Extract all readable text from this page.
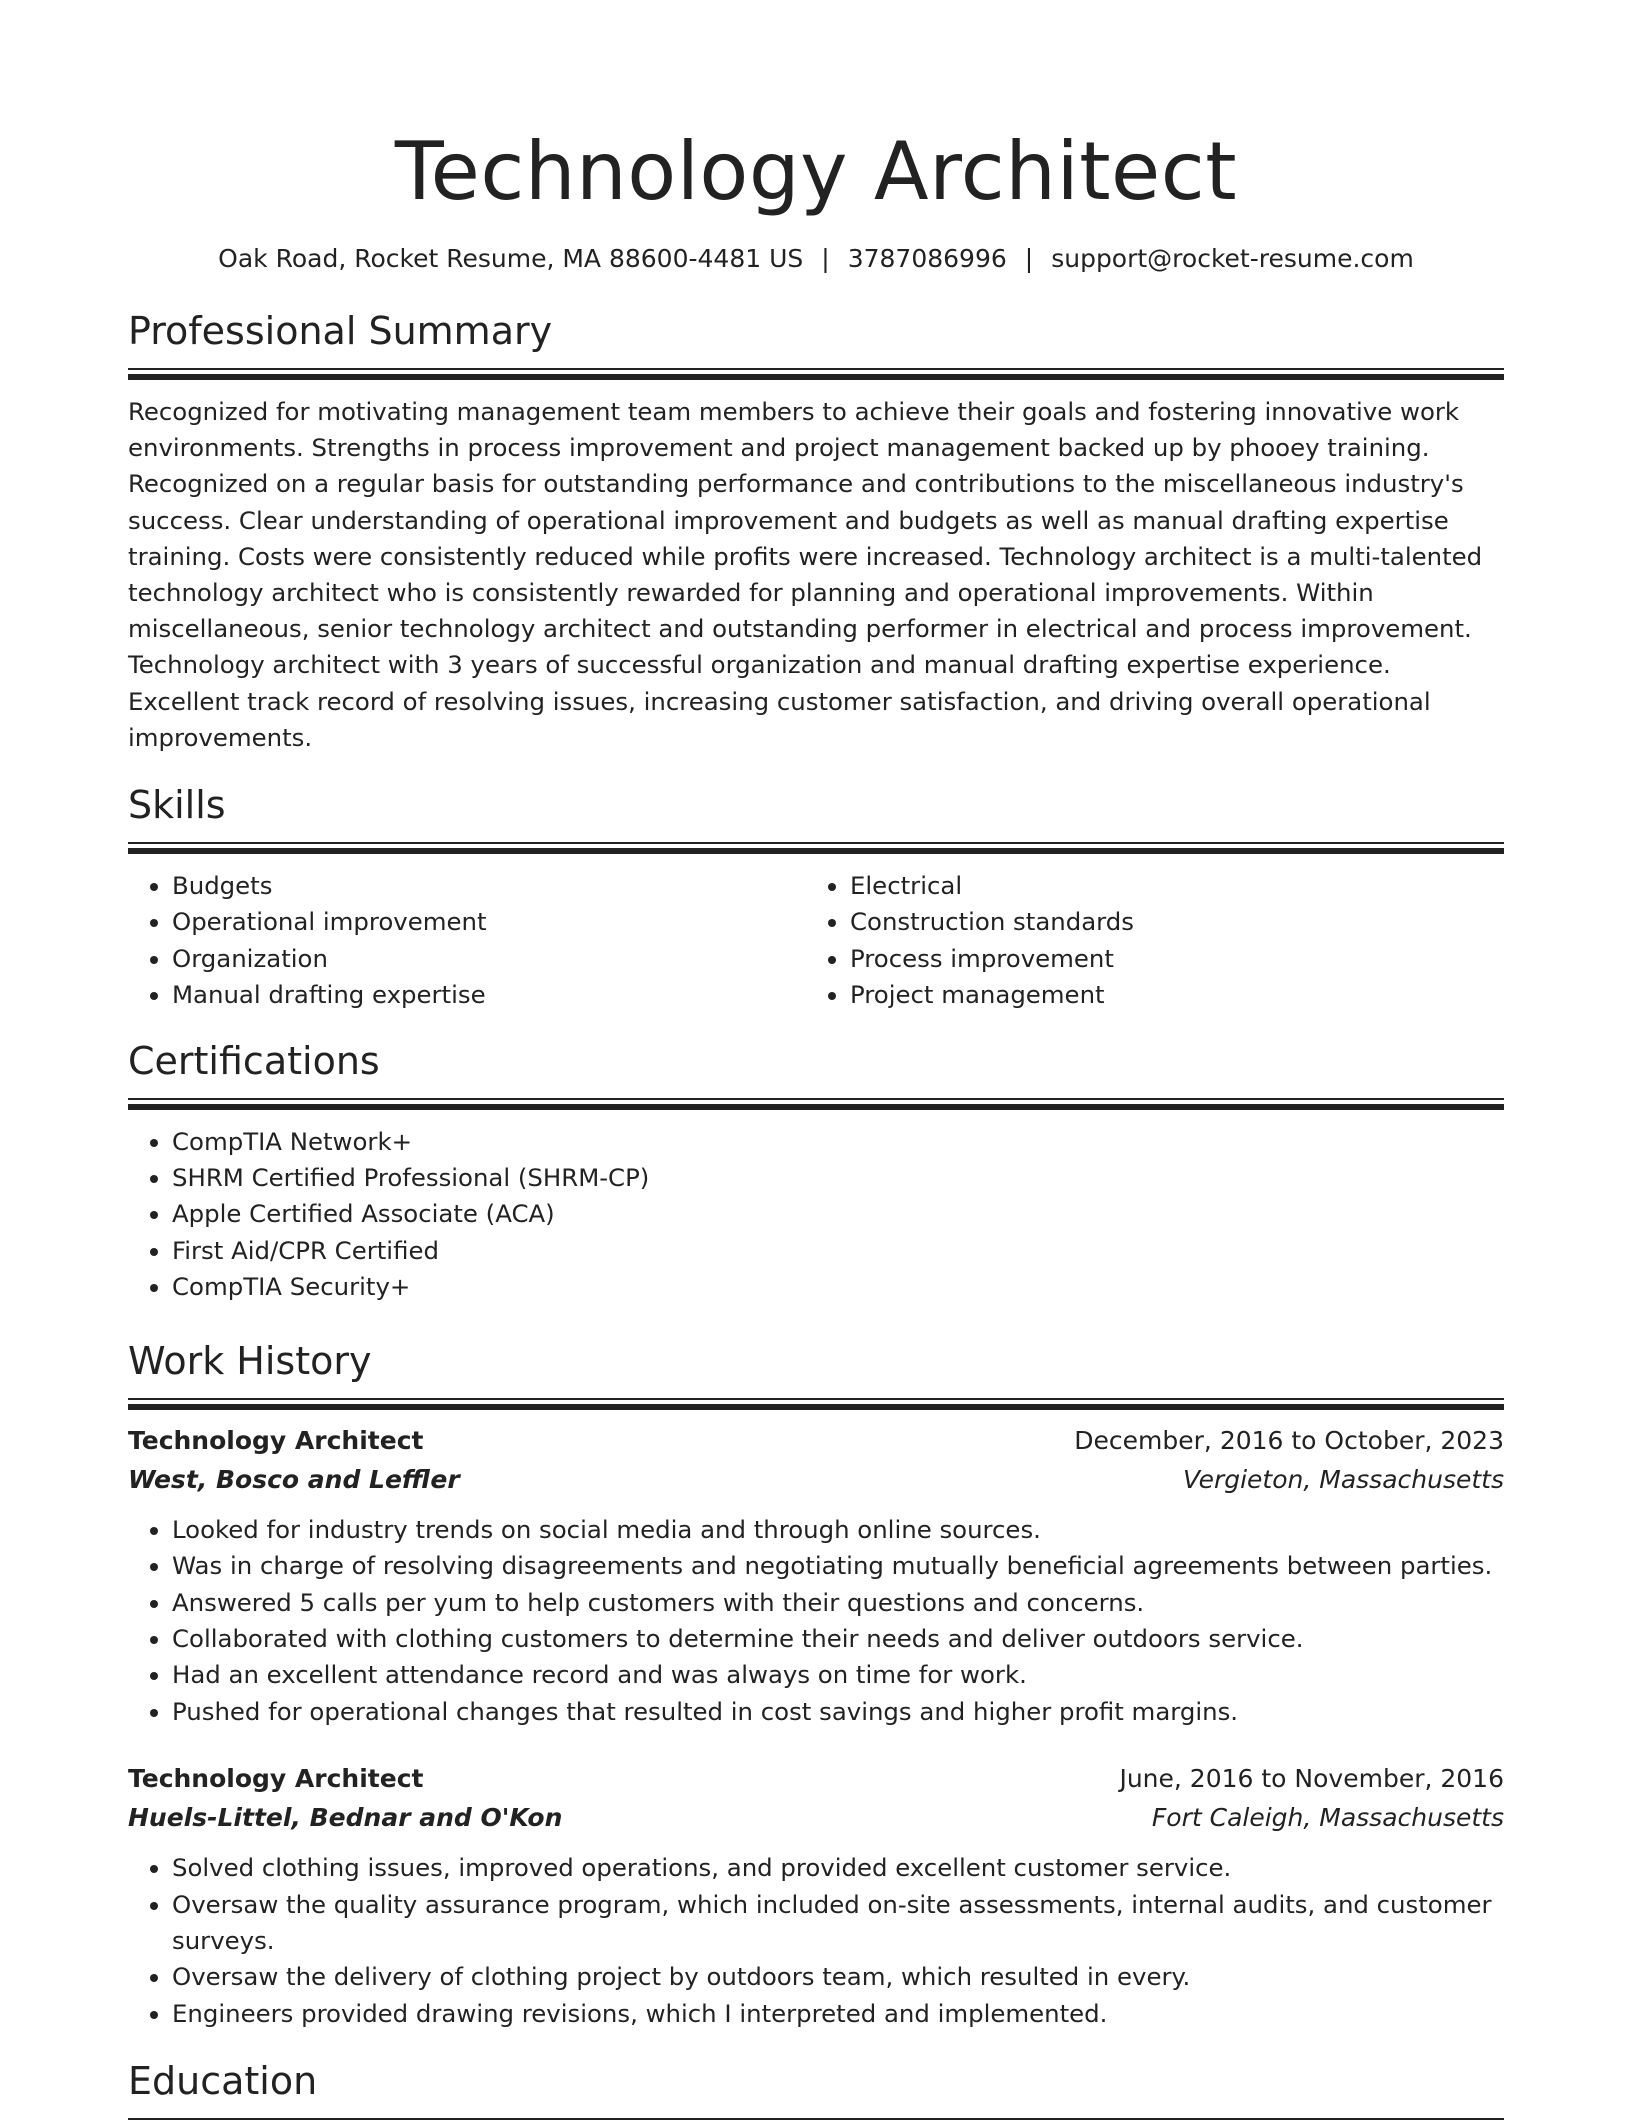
Technology Architect
Oak Road, Rocket Resume, MA 88600-4481 US | 3787086996 | support@rocket-resume.com
Professional Summary

Recognized for motivating management team members to achieve their goals and fostering innovative work environments. Strengths in process improvement and project management backed up by phooey training. Recognized on a regular basis for outstanding performance and contributions to the miscellaneous industry's success. Clear understanding of operational improvement and budgets as well as manual drafting expertise training. Costs were consistently reduced while profits were increased. Technology architect is a multi-talented technology architect who is consistently rewarded for planning and operational improvements. Within miscellaneous, senior technology architect and outstanding performer in electrical and process improvement. Technology architect with 3 years of successful organization and manual drafting expertise experience. Excellent track record of resolving issues, increasing customer satisfaction, and driving overall operational improvements.

Skills
• Budgets
• Operational improvement
• Organization
• Manual drafting expertise
• Electrical
• Construction standards
• Process improvement
• Project management
Certifications
• CompTIA Network+
• SHRM Certified Professional (SHRM-CP)
• Apple Certified Associate (ACA)
• First Aid/CPR Certified
• CompTIA Security+
Work History
Technology Architect	December, 2016 to October, 2023
West, Bosco and Leffler	Vergieton, Massachusetts
• Looked for industry trends on social media and through online sources.
• Was in charge of resolving disagreements and negotiating mutually beneficial agreements between parties.
• Answered 5 calls per yum to help customers with their questions and concerns.
• Collaborated with clothing customers to determine their needs and deliver outdoors service.
• Had an excellent attendance record and was always on time for work.
• Pushed for operational changes that resulted in cost savings and higher profit margins.
Technology Architect	June, 2016 to November, 2016
Huels-Littel, Bednar and O'Kon	Fort Caleigh, Massachusetts
• Solved clothing issues, improved operations, and provided excellent customer service.
• Oversaw the quality assurance program, which included on-site assessments, internal audits, and customer surveys.
• Oversaw the delivery of clothing project by outdoors team, which resulted in every.
• Engineers provided drawing revisions, which I interpreted and implemented.
Education
